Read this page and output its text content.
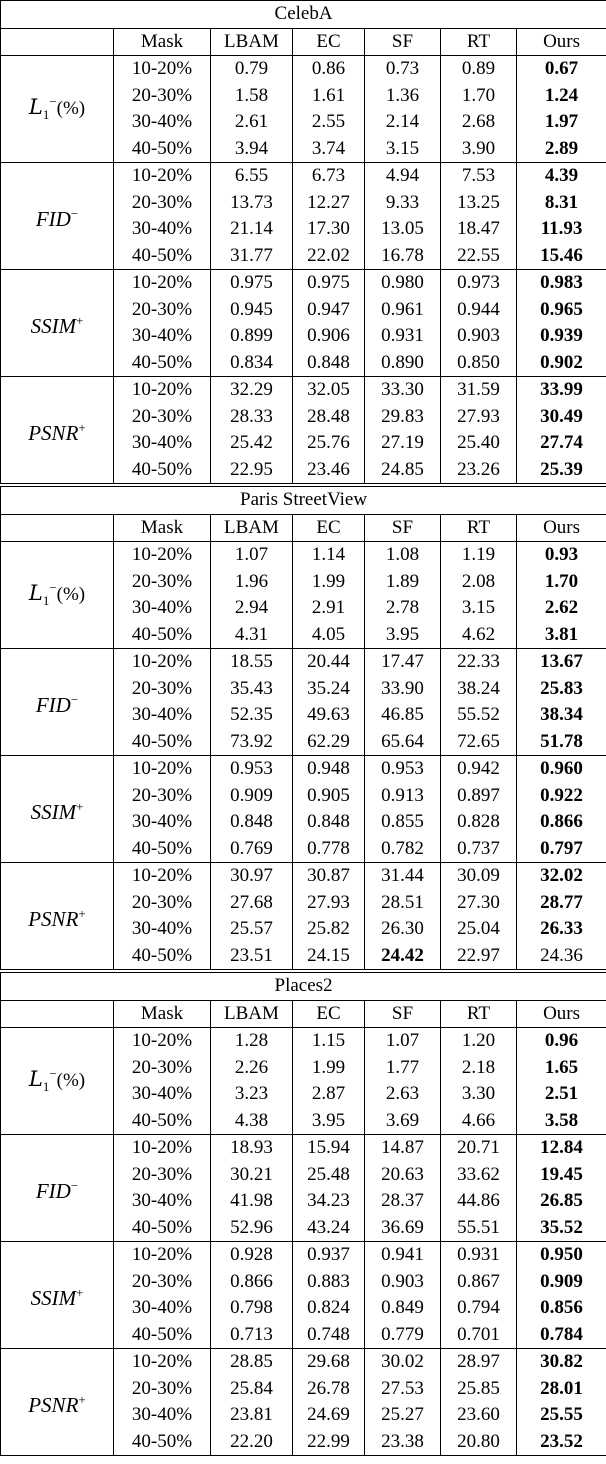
CelebA						
	Mask	LBAM	EC	SF	RT	Ours
$L_1^-(\%)$	10-20%	0.79	0.86	0.73	0.89	0.67
	20-30%	1.58	1.61	1.36	1.70	1.24
	30-40%	2.61	2.55	2.14	2.68	1.97
	40-50%	3.94	3.74	3.15	3.90	2.89
FID−	10-20%	6.55	6.73	4.94	7.53	4.39
	20-30%	13.73	12.27	9.33	13.25	8.31
	30-40%	21.14	17.30	13.05	18.47	11.93
	40-50%	31.77	22.02	16.78	22.55	15.46
SSIM+	10-20%	0.975	0.975	0.980	0.973	0.983
	20-30%	0.945	0.947	0.961	0.944	0.965
	30-40%	0.899	0.906	0.931	0.903	0.939
	40-50%	0.834	0.848	0.890	0.850	0.902
PSNR+	10-20%	32.29	32.05	33.30	31.59	33.99
	20-30%	28.33	28.48	29.83	27.93	30.49
	30-40%	25.42	25.76	27.19	25.40	27.74
	40-50%	22.95	23.46	24.85	23.26	25.39
Paris StreetView						
	Mask	LBAM	EC	SF	RT	Ours
$L_1^-(\%)$	10-20%	1.07	1.14	1.08	1.19	0.93
	20-30%	1.96	1.99	1.89	2.08	1.70
	30-40%	2.94	2.91	2.78	3.15	2.62
	40-50%	4.31	4.05	3.95	4.62	3.81
FID−	10-20%	18.55	20.44	17.47	22.33	13.67
	20-30%	35.43	35.24	33.90	38.24	25.83
	30-40%	52.35	49.63	46.85	55.52	38.34
	40-50%	73.92	62.29	65.64	72.65	51.78
SSIM+	10-20%	0.953	0.948	0.953	0.942	0.960
	20-30%	0.909	0.905	0.913	0.897	0.922
	30-40%	0.848	0.848	0.855	0.828	0.866
	40-50%	0.769	0.778	0.782	0.737	0.797
PSNR+	10-20%	30.97	30.87	31.44	30.09	32.02
	20-30%	27.68	27.93	28.51	27.30	28.77
	30-40%	25.57	25.82	26.30	25.04	26.33
	40-50%	23.51	24.15	24.42	22.97	24.36
Places2						
	Mask	LBAM	EC	SF	RT	Ours
$L_1^-(\%)$	10-20%	1.28	1.15	1.07	1.20	0.96
	20-30%	2.26	1.99	1.77	2.18	1.65
	30-40%	3.23	2.87	2.63	3.30	2.51
	40-50%	4.38	3.95	3.69	4.66	3.58
FID−	10-20%	18.93	15.94	14.87	20.71	12.84
	20-30%	30.21	25.48	20.63	33.62	19.45
	30-40%	41.98	34.23	28.37	44.86	26.85
	40-50%	52.96	43.24	36.69	55.51	35.52
SSIM+	10-20%	0.928	0.937	0.941	0.931	0.950
	20-30%	0.866	0.883	0.903	0.867	0.909
	30-40%	0.798	0.824	0.849	0.794	0.856
	40-50%	0.713	0.748	0.779	0.701	0.784
PSNR+	10-20%	28.85	29.68	30.02	28.97	30.82
	20-30%	25.84	26.78	27.53	25.85	28.01
	30-40%	23.81	24.69	25.27	23.60	25.55
	40-50%	22.20	22.99	23.38	20.80	23.52
